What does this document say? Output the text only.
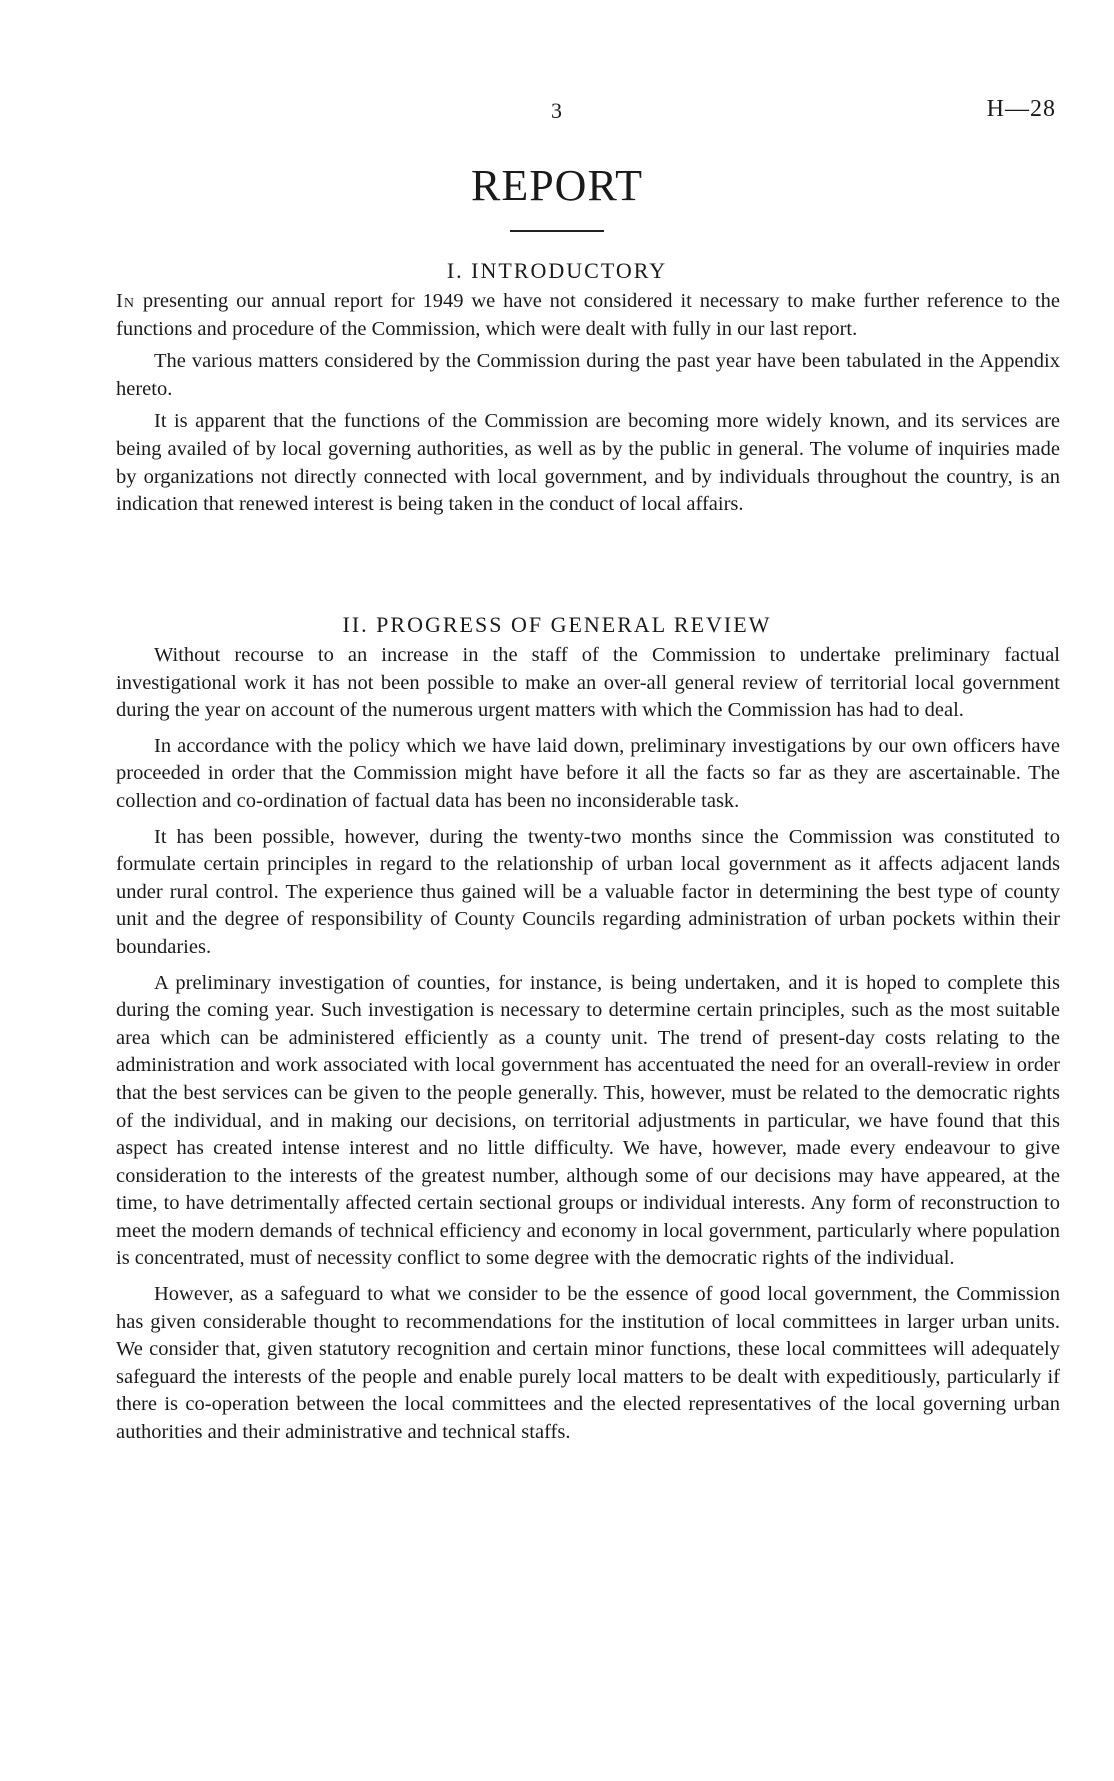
3	H—28
REPORT
I. INTRODUCTORY

In presenting our annual report for 1949 we have not considered it necessary to make further reference to the functions and procedure of the Commission, which were dealt with fully in our last report.

The various matters considered by the Commission during the past year have been tabulated in the Appendix hereto.

It is apparent that the functions of the Commission are becoming more widely known, and its services are being availed of by local governing authorities, as well as by the public in general. The volume of inquiries made by organizations not directly connected with local government, and by individuals throughout the country, is an indication that renewed interest is being taken in the conduct of local affairs.

II. PROGRESS OF GENERAL REVIEW

Without recourse to an increase in the staff of the Commission to undertake preliminary factual investigational work it has not been possible to make an over-all general review of territorial local government during the year on account of the numerous urgent matters with which the Commission has had to deal.

In accordance with the policy which we have laid down, preliminary investigations by our own officers have proceeded in order that the Commission might have before it all the facts so far as they are ascertainable. The collection and co-ordination of factual data has been no inconsiderable task.

It has been possible, however, during the twenty-two months since the Commission was constituted to formulate certain principles in regard to the relationship of urban local government as it affects adjacent lands under rural control. The experience thus gained will be a valuable factor in determining the best type of county unit and the degree of responsibility of County Councils regarding administration of urban pockets within their boundaries.

A preliminary investigation of counties, for instance, is being undertaken, and it is hoped to complete this during the coming year. Such investigation is necessary to determine certain principles, such as the most suitable area which can be administered efficiently as a county unit. The trend of present-day costs relating to the administration and work associated with local government has accentuated the need for an overall-review in order that the best services can be given to the people generally. This, however, must be related to the democratic rights of the individual, and in making our decisions, on territorial adjustments in particular, we have found that this aspect has created intense interest and no little difficulty. We have, however, made every endeavour to give consideration to the interests of the greatest number, although some of our decisions may have appeared, at the time, to have detrimentally affected certain sectional groups or individual interests. Any form of reconstruction to meet the modern demands of technical efficiency and economy in local government, particularly where population is concentrated, must of necessity conflict to some degree with the democratic rights of the individual.

However, as a safeguard to what we consider to be the essence of good local government, the Commission has given considerable thought to recommendations for the institution of local committees in larger urban units. We consider that, given statutory recognition and certain minor functions, these local committees will adequately safeguard the interests of the people and enable purely local matters to be dealt with expeditiously, particularly if there is co-operation between the local committees and the elected representatives of the local governing urban authorities and their administrative and technical staffs.
